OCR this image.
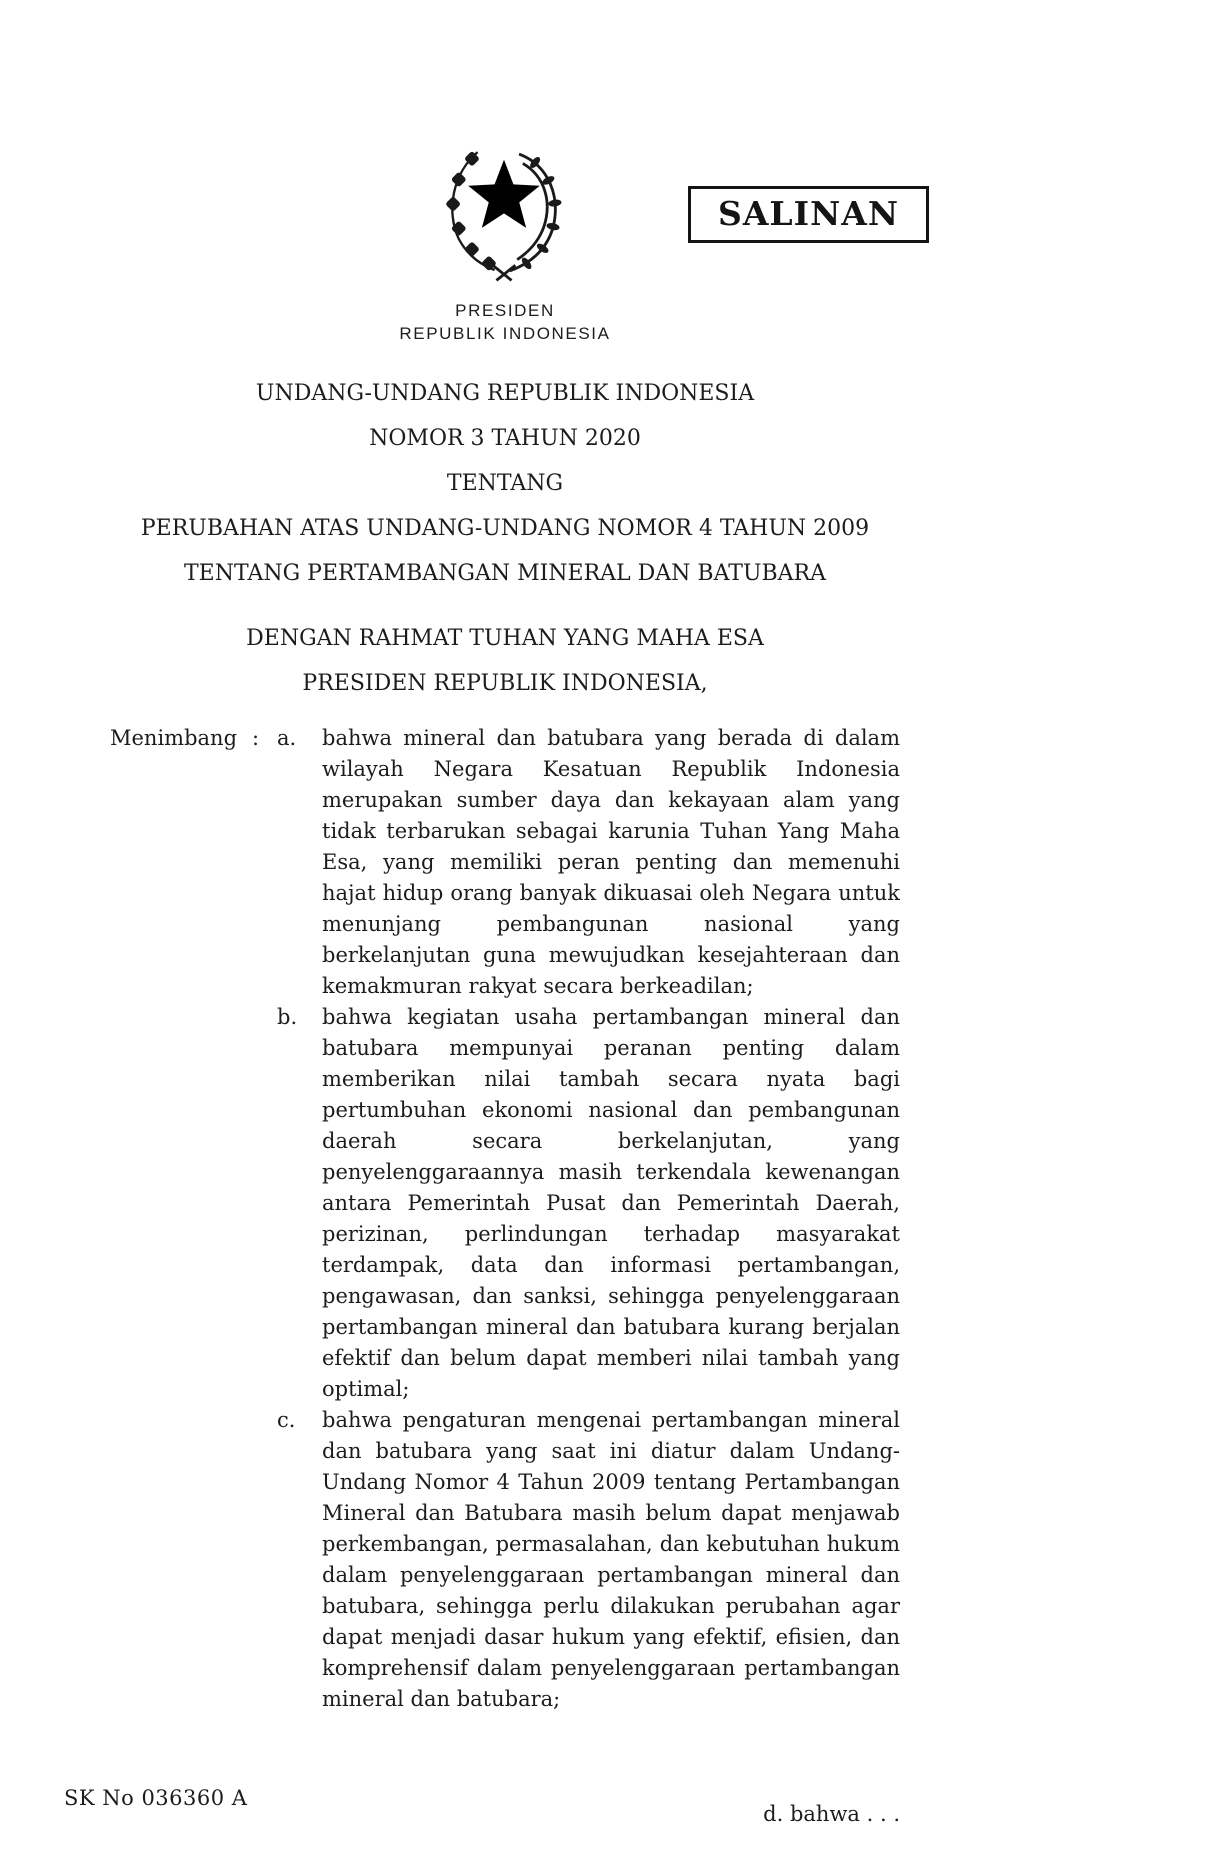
SALINAN
PRESIDEN
REPUBLIK INDONESIA
UNDANG-UNDANG REPUBLIK INDONESIA
NOMOR 3 TAHUN 2020
TENTANG
PERUBAHAN ATAS UNDANG-UNDANG NOMOR 4 TAHUN 2009
TENTANG PERTAMBANGAN MINERAL DAN BATUBARA
DENGAN RAHMAT TUHAN YANG MAHA ESA
PRESIDEN REPUBLIK INDONESIA,
Menimbang : a.	bahwa mineral dan batubara yang berada di dalam wilayah Negara Kesatuan Republik Indonesia merupakan sumber daya dan kekayaan alam yang tidak terbarukan sebagai karunia Tuhan Yang Maha Esa, yang memiliki peran penting dan memenuhi hajat hidup orang banyak dikuasai oleh Negara untuk menunjang pembangunan nasional yang berkelanjutan guna mewujudkan kesejahteraan dan kemakmuran rakyat secara berkeadilan;
b.	bahwa kegiatan usaha pertambangan mineral dan batubara mempunyai peranan penting dalam memberikan nilai tambah secara nyata bagi pertumbuhan ekonomi nasional dan pembangunan daerah secara berkelanjutan, yang penyelenggaraannya masih terkendala kewenangan antara Pemerintah Pusat dan Pemerintah Daerah, perizinan, perlindungan terhadap masyarakat terdampak, data dan informasi pertambangan, pengawasan, dan sanksi, sehingga penyelenggaraan pertambangan mineral dan batubara kurang berjalan efektif dan belum dapat memberi nilai tambah yang optimal;
c.	bahwa pengaturan mengenai pertambangan mineral dan batubara yang saat ini diatur dalam Undang-Undang Nomor 4 Tahun 2009 tentang Pertambangan Mineral dan Batubara masih belum dapat menjawab perkembangan, permasalahan, dan kebutuhan hukum dalam penyelenggaraan pertambangan mineral dan batubara, sehingga perlu dilakukan perubahan agar dapat menjadi dasar hukum yang efektif, efisien, dan komprehensif dalam penyelenggaraan pertambangan mineral dan batubara;
d. bahwa . . .
SK No 036360 A
